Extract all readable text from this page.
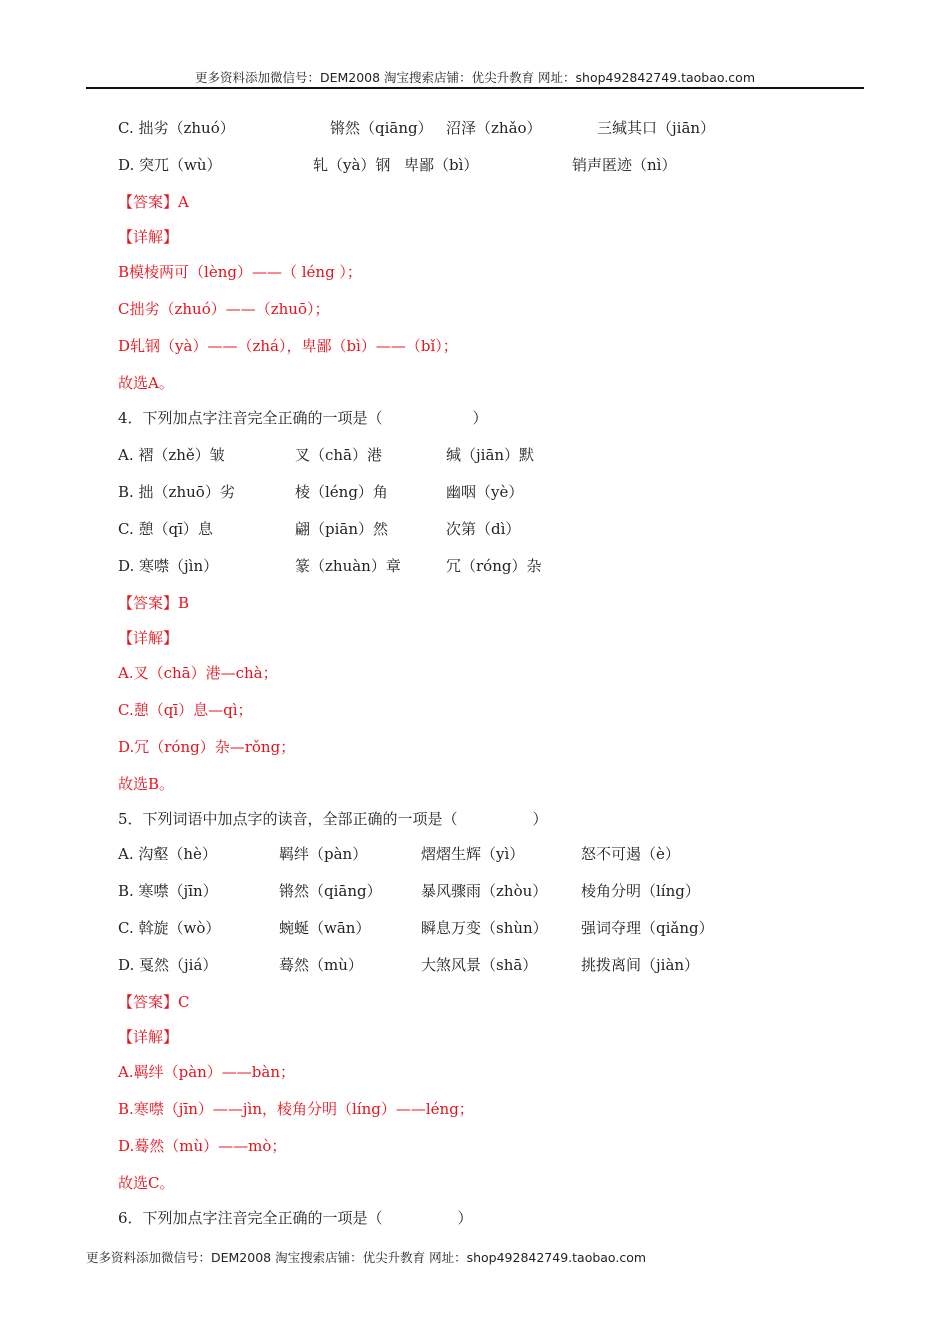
更多资料添加微信号：DEM2008 淘宝搜索店铺：优尖升教育 网址：shop492842749.taobao.com
C. 拙劣（zhuó）	锵然（qiāng） 沼泽（zhǎo）	三缄其口（jiān）
D. 突兀（wù）	轧（yà）钢 卑鄙（bì）	销声匿迹（nì）
【答案】A
【详解】
B模棱两可（lèng）——（ léng ）；
C拙劣（zhuó）——（zhuō）；
D轧钢（yà）——（zhá），卑鄙（bì）——（bǐ）；
故选A。
4．下列加点字注音完全正确的一项是（　　　　　　）
A. 褶（zhě）皱	叉（chā）港	缄（jiān）默
B. 拙（zhuō）劣	棱（léng）角	幽咽（yè）
C. 憩（qī）息	翩（piān）然	次第（dì）
D. 寒噤（jìn）	篆（zhuàn）章	冗（róng）杂
【答案】B
【详解】
A.叉（chā）港—chà；
C.憩（qī）息—qì；
D.冗（róng）杂—rǒng；
故选B。
5．下列词语中加点字的读音，全部正确的一项是（　　　　　）
A. 沟壑（hè）	羁绊（pàn）	熠熠生辉（yì）	怒不可遏（è）
B. 寒噤（jīn）	锵然（qiāng）	暴风骤雨（zhòu） 棱角分明（líng）
C. 斡旋（wò）	蜿蜒（wān）	瞬息万变（shùn） 强词夺理（qiǎng）
D. 戛然（jiá）	蓦然（mù）	大煞风景（shā）	挑拨离间（jiàn）
【答案】C
【详解】
A.羁绊（pàn）——bàn；
B.寒噤（jīn）——jìn，棱角分明（líng）——léng；
D.蓦然（mù）——mò；
故选C。
6．下列加点字注音完全正确的一项是（　　　　　）
更多资料添加微信号：DEM2008 淘宝搜索店铺：优尖升教育 网址：shop492842749.taobao.com
